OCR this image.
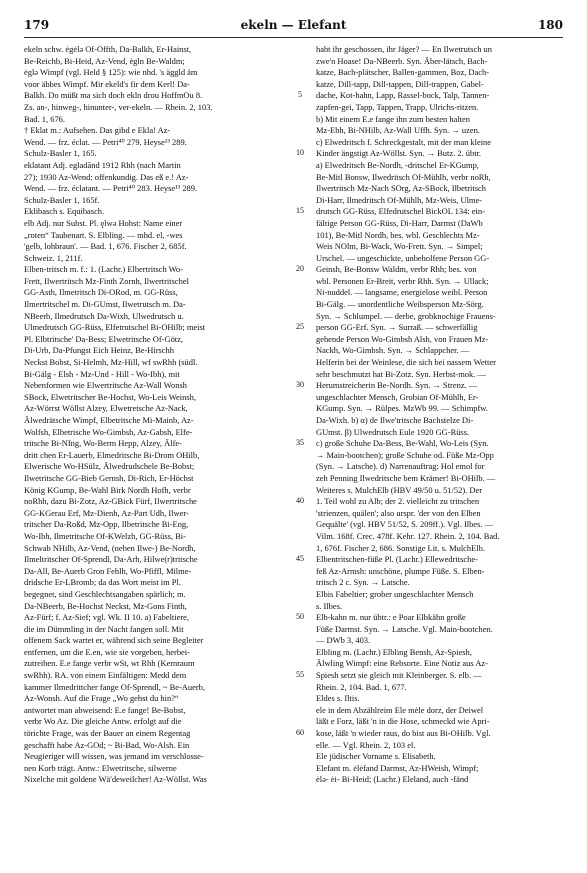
179	ekeln — Elefant	180
ekeln schw. ėgėlə Of-Offth, Da-Balkh, Er-Hainst,
Be-Reichb, Bi-Heid, Az-Vend, ėgln Be-Waldm;
ėglə Wimpf (vgl. Held § 125): wie nhd. 's äggld äm
voor äbbes Wimpf. Mir ekeld's fir dem Kerl! Da-
Balkh. Do müßt ma sich doch ekln drou HoffmOu 8.
Zs. an-, hinweg-, hinunter-, ver-ekeln. — Rhein. 2, 103.
Bad. 1, 676.
† Eklat m.: Aufsehen. Das gibd e Ekla! Az-
Wend. — frz. éclat. — Petri⁴⁰ 279. Heyse¹³ 289.
Schulz-Basler 1, 165.
eklatant Adj. egladānd 1912 Rhh (nach Martin
27); 1930 Az-Wend: offenkundig. Das eß e.! Az-
Wend. — frz. éclatant. — Petri⁴⁰ 283. Heyse¹³ 289.
Schulz-Basler 1, 165f.
Eklibasch s. Equibasch.
elb Adj. nur Subst. Pl. ęlwə Hohst: Name einer
„roten“ Taubenart. S. Elbling. — mhd. el, -wes
'gelb, lohbraun'. — Bad. 1, 676. Fischer 2, 685f.
Schweiz. 1, 211f.
Elben-tritsch m. f.: 1. (Lachr.) Elbertritsch Wo-
Frett, Ilwertritsch Mz-Finth Zornh, Ilwertritschel
GG-Asth, Ilmetritsch Di-ORod, m. GG-Rüss,
Ilmertritschel m. Di-GUmst, Ilwetrutsch m. Da-
NBeerb, Ilmedrutsch Da-Wixh, Ulwedrutsch u.
Ulmedrutsch GG-Rüss, Elfetrutschel Bi-OHilb; meist
Pl. Elbtritsche' Da-Bess; Elwetritsche Of-Götz,
Di-Urb, Da-Pfungst Eich Heinz, Be-Hirschh
Neckst Bobst, Si-Helmh, Mz-Hill, wf swRhh (südl.
Bi-Gälg - Elsh - Mz-Und - Hill - Wo-Ibh), mit
Nebenformen wie Elwertritsche Az-Wall Wonsh
SBock, Elwetritscher Be-Hochst, Wo-Leis Weinsh,
Az-Wörrst Wöllst Alzey, Elwetretsche Az-Nack,
Älwedrätsche Wimpf, Elbetritsche Mi-Mainb, Az-
Wolfsh, Elbetrische Wo-Gimbsh, Az-Gabsh, Elfe-
tritsche Bi-NIng, Wo-Berm Hepp, Alzey, Älfe-
dritt chen Er-Lauerb, Elmedritsche Bi-Drom OHilb,
Elwerische Wo-HSülz, Älwedrudschele Be-Bobst;
Ilwetritsche GG-Bieb Gernsh, Di-Rich, Er-Höchst
König KGump, Be-Wahl Birk Nordh Hofh, verbr
noRhh, dazu Bi-Zotz, Az-GBick Fürf, Ilwertritsche
GG-KGerau Erf, Mz-Dienh, Az-Part Udh, Ilwer-
tritscher Da-Roßd, Mz-Opp, Ilbetritsche Bi-Eng,
Wo-Ibh, Ilmetritsche Of-KWelzh, GG-Rüss, Bi-
Schwab NHilb, Az-Vend, (neben Ilwe-) Be-Nordh,
Ilmeltritscher Of-Sprendl, Da-Arh, Hilwe(r)tritsche
Da-All, Be-Auerb Gron Fehlh, Wo-Pfiffl, Milme-
dridsche Er-LBromb; da das Wort meist im Pl.
begegnet, sind Geschlechtsangaben spärlich; m.
Da-NBeerb, Be-Hochst Neckst, Mz-Gons Finth,
Az-Fürf; f. Az-Sief; vgl. Wk. II 10. a) Fabeltiere,
die im Dümmling in der Nacht fangen soll. Mit
offenem Sack wartet er, während sich seine Begleiter
entfernen, um die E.en, wie sie vorgeben, herbei-
zutreiben. E.e fange verbr wSt, wt Rhh (Kernraum
swRhh). RA. von einem Einfältigen: Medd dem
kammer Ilmedrittcher fange Of-Sprendl, ~ Be-Auerb,
Az-Wonsh. Auf die Frage „Wo gehst du hin?“
antwortet man abweisend: E.e fange! Be-Bobst,
verbr Wo Az. Die gleiche Antw. erfolgt auf die
törichte Frage, was der Bauer an einem Regentag
geschafft habe Az-GOd; ~ Bi-Bad, Wo-Alsh. Ein
Neugieriger will wissen, was jemand im verschlosse-
nen Korb trägt. Antw.: Elwetritsche, silwerne
Nixelche mit goldene Wä'deweilcher! Az-Wöllst. Was
5
10
15
20
25
30
35
40
45
50
55
60
habt ihr geschossen, ihr Jäger? — En Ilwetrutsch un
zwe'n Hoase! Da-NBeerb. Syn. Äber-lätsch, Bach-
katze, Bach-plätscher, Ballen-gammen, Boz, Dach-
katze, Dill-tapp, Dill-tappen, Dill-trappen, Gabel-
dache, Kot-hahn, Lapp, Rassel-bock, Talp, Tannen-
zapfen-gei, Tapp, Tappen, Trapp, Ulrichs-ritzen.
b) Mit einem E.e fange ihn zum besten halten
Mz-Ebh, Bi-NHilb, Az-Wall Uffh. Syn. → uzen.
c) Elwedritsch f. Schreckgestalt, mit der man kleine
Kinder ängstigt Az-Wöllst. Syn. → Butz. 2. übtr.
a) Elwedritsch Be-Nordh, -dritschel Er-KGump,
Be-Mitl Bonsw, Ilwedritsch Of-Mühlh, verbr noRh,
Ilwertritsch Mz-Nach SOrg, Az-SBock, Ilbetritsch
Di-Harr, Ilmedritsch Of-Mühlh, Mz-Weis, Ulme-
drutsch GG-Rüss, Elfedrutschel BickOL 134: ein-
fältige Person GG-Rüss, Di-Harr, Darmst (DaWb
101), Be-Mitl Nordh, bes. wbl. Geschlechts Mz-
Weis NOlm, Bi-Wack, Wo-Frett. Syn. → Simpel;
Urschel. — ungeschickte, unbeholfene Person GG-
Geinsh, Be-Bonsw Waldm, verbr Rhh; bes. von
wbl. Personen Er-Breit, verbr Rhh. Syn. → Ullack;
Ni-nuddel. — langsame, energielose weibl. Person
Bi-Gälg. — unordentliche Weibsperson Mz-Sörg.
Syn. → Schlumpel. — derbe, grobknochige Frauens-
person GG-Erf. Syn. → Surraß. — schwerfällig
gehende Person Wo-Gimbsh Alsh, von Frauen Mz-
Nackh, Wo-Gimbsh. Syn. → Schlappcher. —
Helferin bei der Weinlese, die sich bei nassem Wetter
sehr beschmutzt hat Bi-Zotz. Syn. Herbst-mok. —
Herumstreicherin Be-Nordh. Syn. → Strenz. —
ungeschlachter Mensch, Grobian Of-Mühlh, Er-
KGump. Syn. → Rülpes. MzWb 99. — Schimpfw.
Da-Wixh. b) α) de Ilwe'tritsche Bachstelze Di-
GUmst. β) Ulwedrutsch Eule 1920 GG-Rüss.
c) große Schuhe Da-Bess, Be-Wahl, Wo-Leis (Syn.
→ Main-bootchen); große Schuhe od. Füße Mz-Opp
(Syn. → Latsche). d) Narrenauftrag: Hol emol for
zeh Penning Ilwedritsche bem Krämer! Bi-OHilb. —
Weiteres s. MulchElb (HBV 49/50 u. 51/52). Der
1. Teil wohl zu Alb; der 2. vielleicht zu tritschen
'strienzen, quälen'; also urspr. 'der von den Elben
Gequälte' (vgl. HBV 51/52, S. 209ff.). Vgl. Ilbes. —
Vilm. 168f. Crec. 478f. Kehr. 127. Rhein. 2, 104. Bad.
1, 676f. Fischer 2, 686. Sonstige Lit. s. MulchElb.
Elbentritschen-füße Pl. (Lachr.) Ellewedritsche-
feß Az-Armsh: unschöne, plumpe Füße. S. Elben-
tritsch 2 c. Syn. → Latsche.
Elbis Fabeltier; grober ungeschlachter Mensch
s. Ilbes.
Elb-kahn m. nur übtr.: e Poar Elbkähn große
Füße Darmst. Syn. → Latsche. Vgl. Main-bootchen.
— DWb 3, 403.
Elbling m. (Lachr.) Elbling Bensh, Az-Spiesh,
Älwling Wimpf: eine Rebsorte. Eine Notiz aus Az-
Spiesh setzt sie gleich mit Kleinberger. S. elb. —
Rhein. 2, 104. Bad. 1, 677.
Eldes s. Iltis.
ele in dem Abzählreim Ele mėle dorz, der Deiwel
läßt e Forz, läßt 'n in die Hose, schmeckd wie Apri-
kose, läßt 'n wieder raus, do bist aus Bi-OHilb. Vgl.
elle. — Vgl. Rhein. 2, 103 el.
Ele jüdischer Vorname s. Elisabeth.
Elefant m. ėlėfand Darmst, Az-HWeish, Wimpf;
ėlə- ėi- Bi-Heid; (Lachr.) Eleland, auch -fänd
